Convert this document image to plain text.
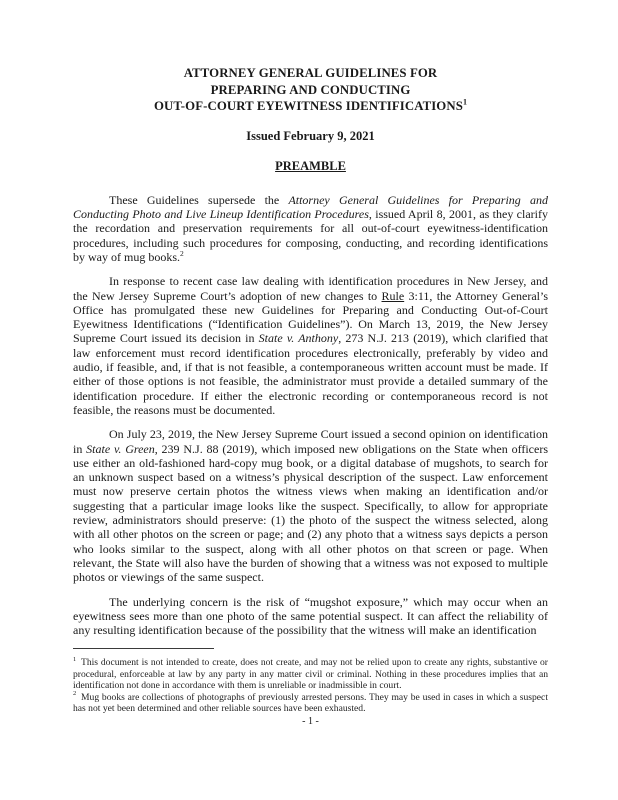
ATTORNEY GENERAL GUIDELINES FOR
PREPARING AND CONDUCTING
OUT-OF-COURT EYEWITNESS IDENTIFICATIONS$^1$
Issued February 9, 2021
PREAMBLE

These Guidelines supersede the Attorney General Guidelines for Preparing and Conducting Photo and Live Lineup Identification Procedures, issued April 8, 2001, as they clarify the recordation and preservation requirements for all out-of-court eyewitness-identification procedures, including such procedures for composing, conducting, and recording identifications by way of mug books.$^2$

In response to recent case law dealing with identification procedures in New Jersey, and the New Jersey Supreme Court’s adoption of new changes to Rule 3:11, the Attorney General’s Office has promulgated these new Guidelines for Preparing and Conducting Out-of-Court Eyewitness Identifications (“Identification Guidelines”). On March 13, 2019, the New Jersey Supreme Court issued its decision in State v. Anthony, 273 N.J. 213 (2019), which clarified that law enforcement must record identification procedures electronically, preferably by video and audio, if feasible, and, if that is not feasible, a contemporaneous written account must be made. If either of those options is not feasible, the administrator must provide a detailed summary of the identification procedure. If either the electronic recording or contemporaneous record is not feasible, the reasons must be documented.

On July 23, 2019, the New Jersey Supreme Court issued a second opinion on identification in State v. Green, 239 N.J. 88 (2019), which imposed new obligations on the State when officers use either an old-fashioned hard-copy mug book, or a digital database of mugshots, to search for an unknown suspect based on a witness’s physical description of the suspect. Law enforcement must now preserve certain photos the witness views when making an identification and/or suggesting that a particular image looks like the suspect. Specifically, to allow for appropriate review, administrators should preserve: (1) the photo of the suspect the witness selected, along with all other photos on the screen or page; and (2) any photo that a witness says depicts a person who looks similar to the suspect, along with all other photos on that screen or page. When relevant, the State will also have the burden of showing that a witness was not exposed to multiple photos or viewings of the same suspect.

The underlying concern is the risk of “mugshot exposure,” which may occur when an eyewitness sees more than one photo of the same potential suspect. It can affect the reliability of any resulting identification because of the possibility that the witness will make an identification

$^1$ This document is not intended to create, does not create, and may not be relied upon to create any rights, substantive or procedural, enforceable at law by any party in any matter civil or criminal. Nothing in these procedures implies that an identification not done in accordance with them is unreliable or inadmissible in court.
$^2$ Mug books are collections of photographs of previously arrested persons. They may be used in cases in which a suspect has not yet been determined and other reliable sources have been exhausted.
- 1 -
